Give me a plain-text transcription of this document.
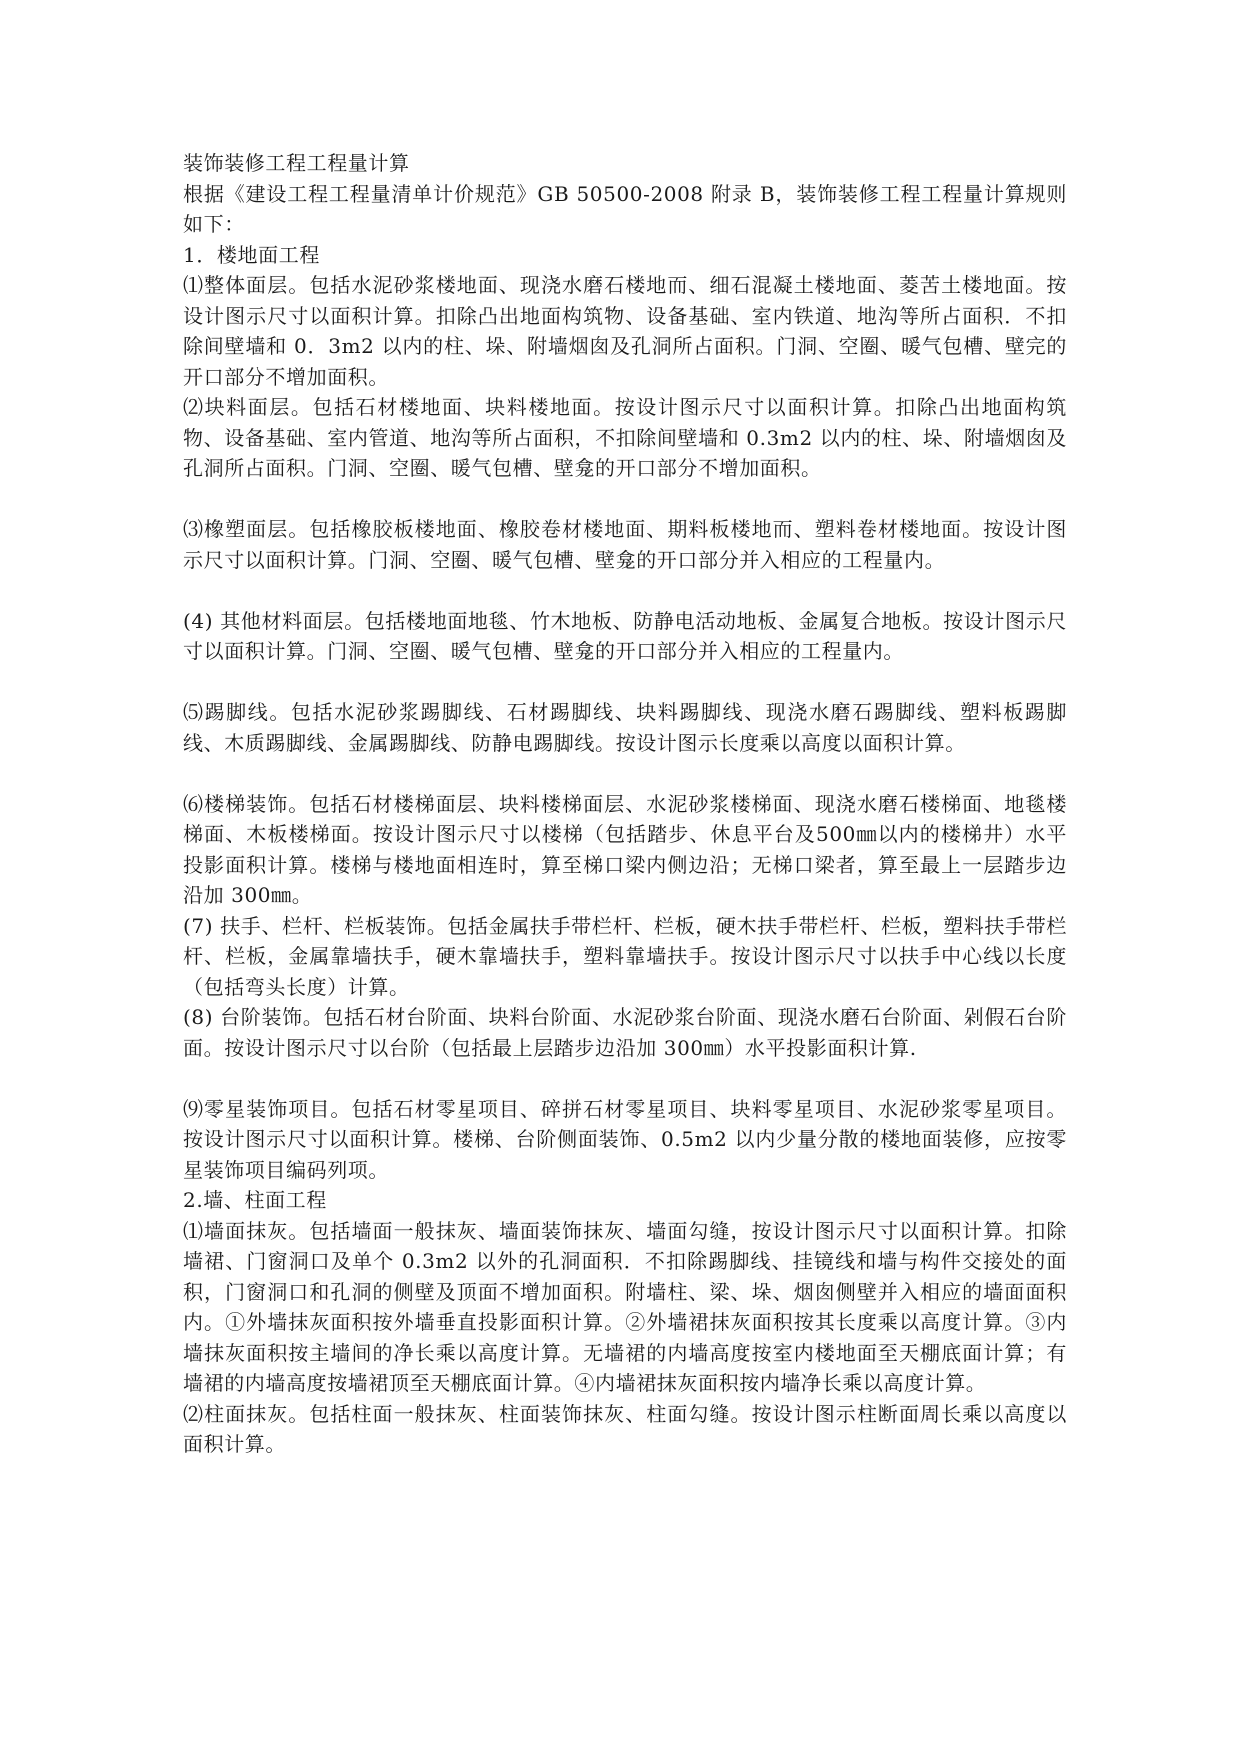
装饰装修工程工程量计算

根据《建设工程工程量清单计价规范》GB 50500-2008 附录 B，装饰装修工程工程量计算规则如下：

1．楼地面工程

⑴整体面层。包括水泥砂浆楼地面、现浇水磨石楼地而、细石混凝土楼地面、菱苦土楼地面。按设计图示尺寸以面积计算。扣除凸出地面构筑物、设备基础、室内铁道、地沟等所占面积．不扣除间壁墙和 0．3m2 以内的柱、垛、附墙烟囱及孔洞所占面积。门洞、空圈、暖气包槽、壁完的开口部分不增加面积。

⑵块料面层。包括石材楼地面、块料楼地面。按设计图示尺寸以面积计算。扣除凸出地面构筑物、设备基础、室内管道、地沟等所占面积，不扣除间壁墙和 0.3m2 以内的柱、垛、附墙烟囱及孔洞所占面积。门洞、空圈、暖气包槽、壁龛的开口部分不增加面积。

⑶橡塑面层。包括橡胶板楼地面、橡胶卷材楼地面、期料板楼地而、塑料卷材楼地面。按设计图示尺寸以面积计算。门洞、空圈、暖气包槽、壁龛的开口部分并入相应的工程量内。

(4) 其他材料面层。包括楼地面地毯、竹木地板、防静电活动地板、金属复合地板。按设计图示尺寸以面积计算。门洞、空圈、暖气包槽、壁龛的开口部分并入相应的工程量内。

⑸踢脚线。包括水泥砂浆踢脚线、石材踢脚线、块料踢脚线、现浇水磨石踢脚线、塑料板踢脚线、木质踢脚线、金属踢脚线、防静电踢脚线。按设计图示长度乘以高度以面积计算。

⑹楼梯装饰。包括石材楼梯面层、块料楼梯面层、水泥砂浆楼梯面、现浇水磨石楼梯面、地毯楼梯面、木板楼梯面。按设计图示尺寸以楼梯（包括踏步、休息平台及500㎜以内的楼梯井）水平投影面积计算。楼梯与楼地面相连时，算至梯口梁内侧边沿；无梯口梁者，算至最上一层踏步边沿加 300㎜。

(7) 扶手、栏杆、栏板装饰。包括金属扶手带栏杆、栏板，硬木扶手带栏杆、栏板，塑料扶手带栏杆、栏板，金属靠墙扶手，硬木靠墙扶手，塑料靠墙扶手。按设计图示尺寸以扶手中心线以长度（包括弯头长度）计算。

(8) 台阶装饰。包括石材台阶面、块料台阶面、水泥砂浆台阶面、现浇水磨石台阶面、剁假石台阶面。按设计图示尺寸以台阶（包括最上层踏步边沿加 300㎜）水平投影面积计算.

⑼零星装饰项目。包括石材零星项目、碎拼石材零星项目、块料零星项目、水泥砂浆零星项目。按设计图示尺寸以面积计算。楼梯、台阶侧面装饰、0.5m2 以内少量分散的楼地面装修，应按零星装饰项目编码列项。

2.墙、柱面工程

⑴墙面抹灰。包括墙面一般抹灰、墙面装饰抹灰、墙面勾缝，按设计图示尺寸以面积计算。扣除墙裙、门窗洞口及单个 0.3m2 以外的孔洞面积．不扣除踢脚线、挂镜线和墙与构件交接处的面积，门窗洞口和孔洞的侧壁及顶面不增加面积。附墙柱、梁、垛、烟囱侧壁并入相应的墙面面积内。①外墙抹灰面积按外墙垂直投影面积计算。②外墙裙抹灰面积按其长度乘以高度计算。③内墙抹灰面积按主墙间的净长乘以高度计算。无墙裙的内墙高度按室内楼地面至天棚底面计算；有墙裙的内墙高度按墙裙顶至天棚底面计算。④内墙裙抹灰面积按内墙净长乘以高度计算。

⑵柱面抹灰。包括柱面一般抹灰、柱面装饰抹灰、柱面勾缝。按设计图示柱断面周长乘以高度以面积计算。
